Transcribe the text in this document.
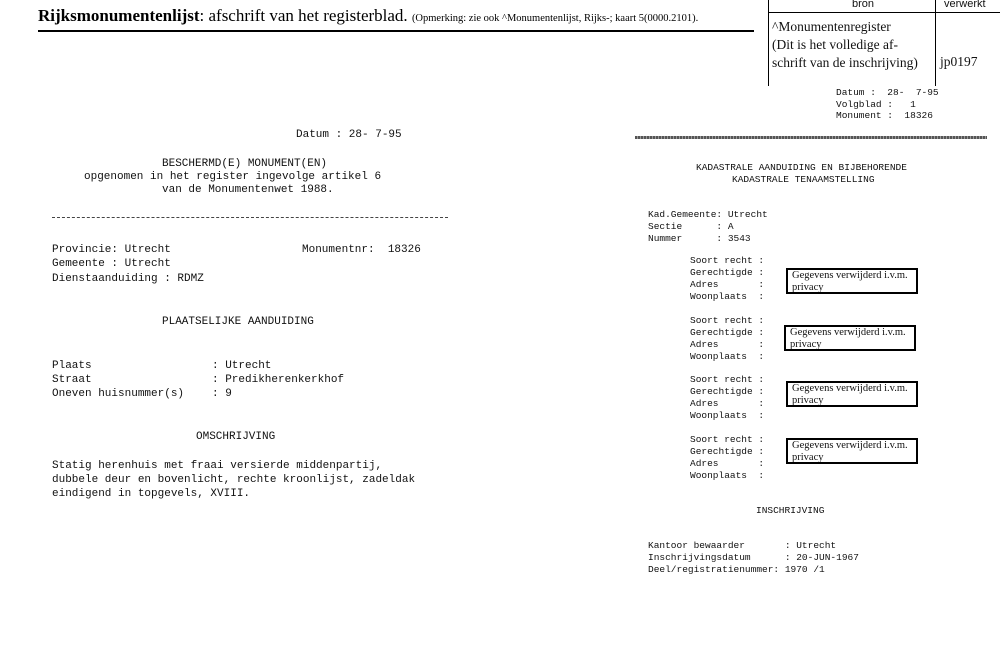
Rijksmonumentenlijst: afschrift van het registerblad. (Opmerking: zie ook ^Monumentenlijst, Rijks-; kaart 5(0000.2101).

bron	verwerkt
^Monumentenregister
(Dit is het volledige af-
schrift van de inschrijving) jp0197
Datum :  28-  7-95
Volgblad :   1
Monument :  18326
Datum : 28- 7-95
BESCHERMD(E) MONUMENT(EN)
opgenomen in het register ingevolge artikel 6
van de Monumentenwet 1988.
Provincie: Utrecht	Monumentnr:  18326
Gemeente : Utrecht
Dienstaanduiding : RDMZ
PLAATSELIJKE AANDUIDING
Plaats	: Utrecht
Straat	: Predikherenkerkhof
Oneven huisnummer(s)	: 9
OMSCHRIJVING
Statig herenhuis met fraai versierde middenpartij,
dubbele deur en bovenlicht, rechte kroonlijst, zadeldak
eindigend in topgevels, XVIII.
KADASTRALE AANDUIDING EN BIJBEHORENDE
KADASTRALE TENAAMSTELLING
Kad.Gemeente: Utrecht
Sectie      : A
Nummer      : 3543
Soort recht :
Gerechtigde :
Adres       :
Woonplaats  :
Gegevens verwijderd i.v.m. privacy
Soort recht :
Gerechtigde :
Adres       :
Woonplaats  :
Gegevens verwijderd i.v.m. privacy
Soort recht :
Gerechtigde :
Adres       :
Woonplaats  :
Gegevens verwijderd i.v.m. privacy
Soort recht :
Gerechtigde :
Adres       :
Woonplaats  :
Gegevens verwijderd i.v.m. privacy
INSCHRIJVING
Kantoor bewaarder       : Utrecht
Inschrijvingsdatum      : 20-JUN-1967
Deel/registratienummer: 1970 /1
